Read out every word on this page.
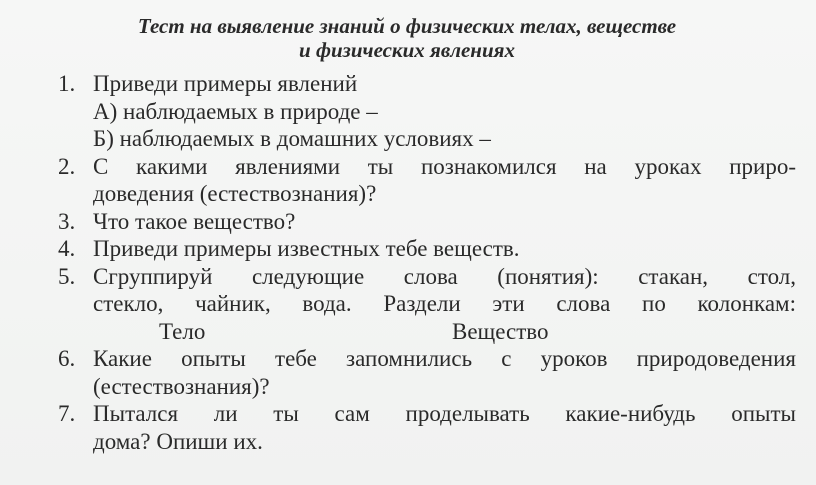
Тест на выявление знаний о физических телах, веществе
и физических явлениях
1. Приведи примеры явлений
А) наблюдаемых в природе –
Б) наблюдаемых в домашних условиях –
2. С какими явлениями ты познакомился на уроках приро-
доведения (естествознания)?
3. Что такое вещество?
4. Приведи примеры известных тебе веществ.
5. Сгруппируй следующие слова (понятия): стакан, стол,
стекло, чайник, вода. Раздели эти слова по колонкам:
Тело	Вещество
6. Какие опыты тебе запомнились с уроков природоведения
(естествознания)?
7. Пытался ли ты сам проделывать какие-нибудь опыты
дома? Опиши их.
